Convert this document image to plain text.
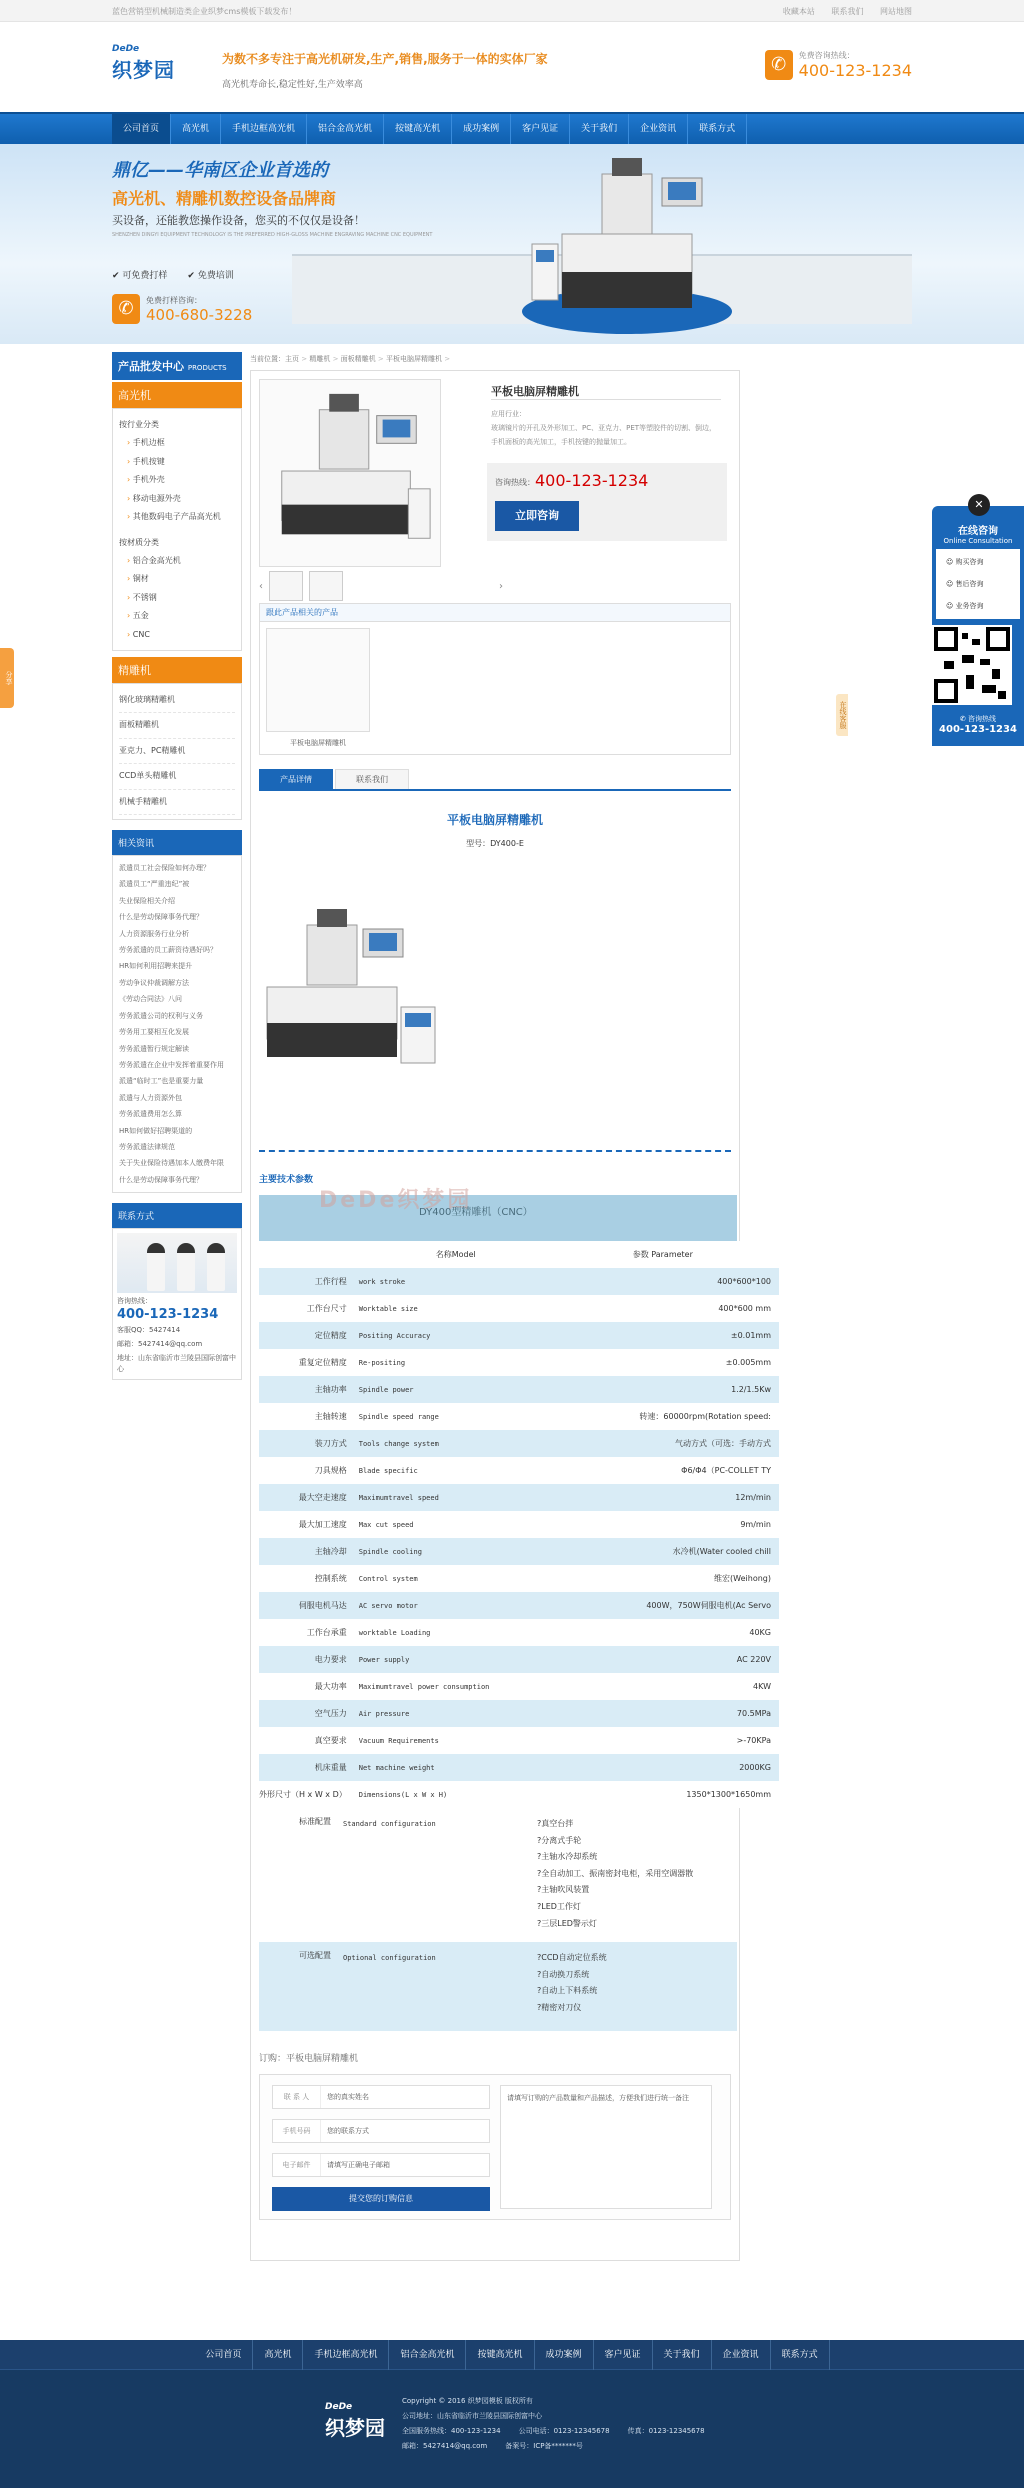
蓝色营销型机械制造类企业织梦cms模板下载发布！	收藏本站 联系我们 网站地图
DeDe
织梦园	为数不多专注于高光机研发,生产,销售,服务于一体的实体厂家
高光机寿命长,稳定性好,生产效率高
✆	免费咨询热线：
400-123-1234
公司首页	高光机	手机边框高光机	铝合金高光机	按键高光机	成功案例	客户见证	关于我们	企业资讯	联系方式
鼎亿——华南区企业首选的
高光机、精雕机数控设备品牌商
买设备，还能教您操作设备，您买的不仅仅是设备！
SHENZHEN DINGYI EQUIPMENT TECHNOLOGY IS THE PREFERRED HIGH-GLOSS MACHINE ENGRAVING MACHINE CNC EQUIPMENT
✔ 可免费打样 ✔ 免费培训
✆	免费打样咨询：
400-680-3228
产品批发中心 PRODUCTS
高光机
按行业分类
› 手机边框
› 手机按键
› 手机外壳
› 移动电源外壳
› 其他数码电子产品高光机
按材质分类
› 铝合金高光机
› 铜材
› 不锈钢
› 五金
› CNC
精雕机
钢化玻璃精雕机
面板精雕机
亚克力、PC精雕机
CCD单头精雕机
机械手精雕机
相关资讯
派遣员工社会保险如何办理？
派遣员工“严重违纪”被
失业保险相关介绍
什么是劳动保障事务代理？
人力资源服务行业分析
劳务派遣的员工薪资待遇好吗？
HR如何利用招聘来提升
劳动争议仲裁调解方法
《劳动合同法》八问
劳务派遣公司的权利与义务
劳务用工要相互化发展
劳务派遣暂行规定解读
劳务派遣在企业中发挥着重要作用
派遣“临时工”也是重要力量
派遣与人力资源外包
劳务派遣费用怎么算
HR如何做好招聘渠道的
劳务派遣法律规范
关于失业保险待遇加本人缴费年限
什么是劳动保障事务代理？
联系方式
咨询热线：
400-123-1234
客服QQ：5427414
邮箱：5427414@qq.com
地址：山东省临沂市兰陵县国际创富中心
当前位置：主页 > 精雕机 > 面板精雕机 > 平板电脑屏精雕机 >
平板电脑屏精雕机
应用行业：
玻璃镜片的开孔及外形加工、PC、亚克力、PET等塑胶件的切割、倒边，手机面板的高光加工，手机按键的抛量加工。
咨询热线： 400-123-1234
立即咨询
‹	›
跟此产品相关的产品
平板电脑屏精雕机
产品详情	联系我们
平板电脑屏精雕机
型号：DY400-E
主要技术参数
DeDe织梦园
DY400型精雕机（CNC）
	名称Model	参数 Parameter
工作行程	work stroke	400*600*100
工作台尺寸	Worktable size	400*600 mm
定位精度	Positing Accuracy	±0.01mm
重复定位精度	Re-positing	±0.005mm
主轴功率	Spindle power	1.2/1.5Kw
主轴转速	Spindle speed range	转速：60000rpm(Rotation speed:
装刀方式	Tools change system	气动方式（可选：手动方式
刀具规格	Blade specific	Φ6/Φ4（PC-COLLET TY
最大空走速度	Maximumtravel speed	12m/min
最大加工速度	Max cut speed	9m/min
主轴冷却	Spindle cooling	水冷机(Water cooled chill
控制系统	Control system	维宏(Weihong)
伺服电机马达	AC servo motor	400W，750W伺服电机(Ac Servo
工作台承重	worktable Loading	40KG
电力要求	Power supply	AC 220V
最大功率	Maximumtravel power consumption	4KW
空气压力	Air pressure	70.5MPa
真空要求	Vacuum Requirements	>-70KPa
机床重量	Net machine weight	2000KG
外形尺寸（H x W x D）	Dimensions(L x W x H)	1350*1300*1650mm
标准配置	Standard configuration	?真空台拌
?分离式手轮
?主轴水冷却系统
?全自动加工、振南密封电柜，采用空调器散
?主轴吹风装置
?LED工作灯
?三层LED警示灯
可选配置	Optional configuration	?CCD自动定位系统
?自动换刀系统
?自动上下料系统
?精密对刀仪
订购：平板电脑屏精雕机
联 系 人	您的真实姓名
手机号码	您的联系方式
电子邮件	请填写正确电子邮箱
请填写订购的产品数量和产品描述，方便我们进行统一备注
提交您的订购信息
✕
在线咨询
Online Consultation
☺ 购买咨询
☺ 售后咨询
☺ 业务咨询
✆ 咨询热线
400-123-1234
分享
在线客服
公司首页	高光机	手机边框高光机	铝合金高光机	按键高光机	成功案例	客户见证	关于我们	企业资讯	联系方式
DeDe
织梦园
Copyright © 2016 织梦园模板 版权所有
公司地址：山东省临沂市兰陵县国际创富中心
全国服务热线：400-123-1234	公司电话：0123-12345678	传真：0123-12345678
邮箱：5427414@qq.com	备案号：ICP备*******号
